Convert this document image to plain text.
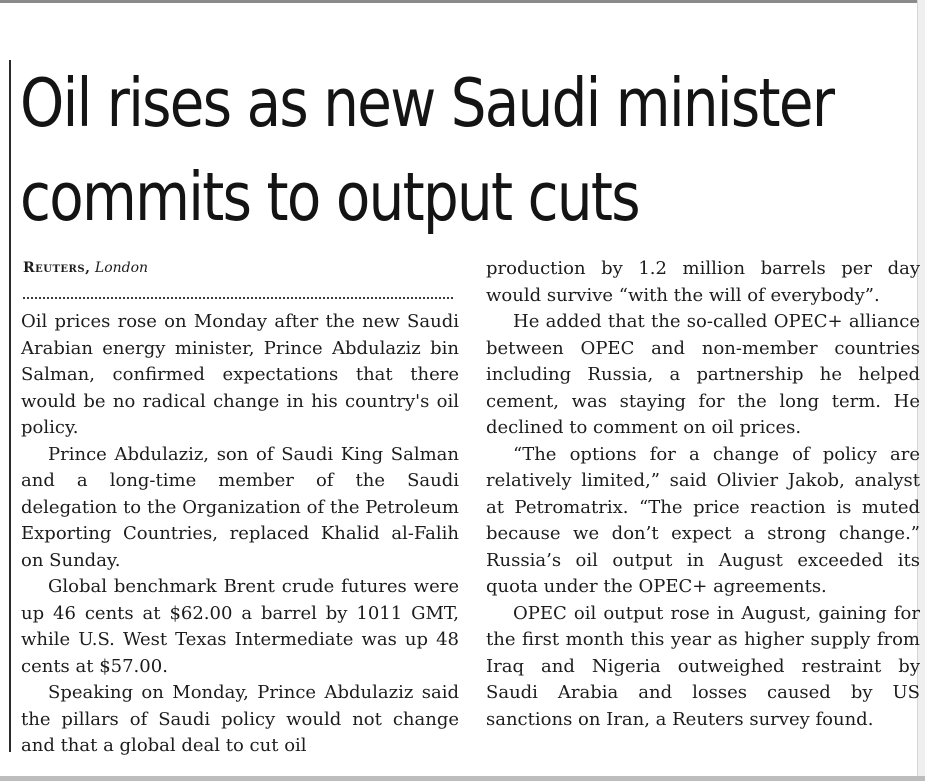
Oil rises as new Saudi minister
commits to output cuts
Reuters, London

Oil prices rose on Monday after the new Saudi Arabian energy minister, Prince Abdulaziz bin Salman, confirmed expectations that there would be no radical change in his country's oil policy.

Prince Abdulaziz, son of Saudi King Salman and a long-time member of the Saudi delegation to the Organization of the Petroleum Exporting Countries, replaced Khalid al-Falih on Sunday.

Global benchmark Brent crude futures were up 46 cents at $62.00 a barrel by 1011 GMT, while U.S. West Texas Intermediate was up 48 cents at $57.00.

Speaking on Monday, Prince Abdulaziz said the pillars of Saudi policy would not change and that a global deal to cut oil

production by 1.2 million barrels per day would survive “with the will of everybody”.

He added that the so-called OPEC+ alliance between OPEC and non-member countries including Russia, a partnership he helped cement, was staying for the long term. He declined to comment on oil prices.

“The options for a change of policy are relatively limited,” said Olivier Jakob, analyst at Petromatrix. “The price reaction is muted because we don’t expect a strong change.” Russia’s oil output in August exceeded its quota under the OPEC+ agreements.

OPEC oil output rose in August, gaining for the first month this year as higher supply from Iraq and Nigeria outweighed restraint by Saudi Arabia and losses caused by US sanctions on Iran, a Reuters survey found.
